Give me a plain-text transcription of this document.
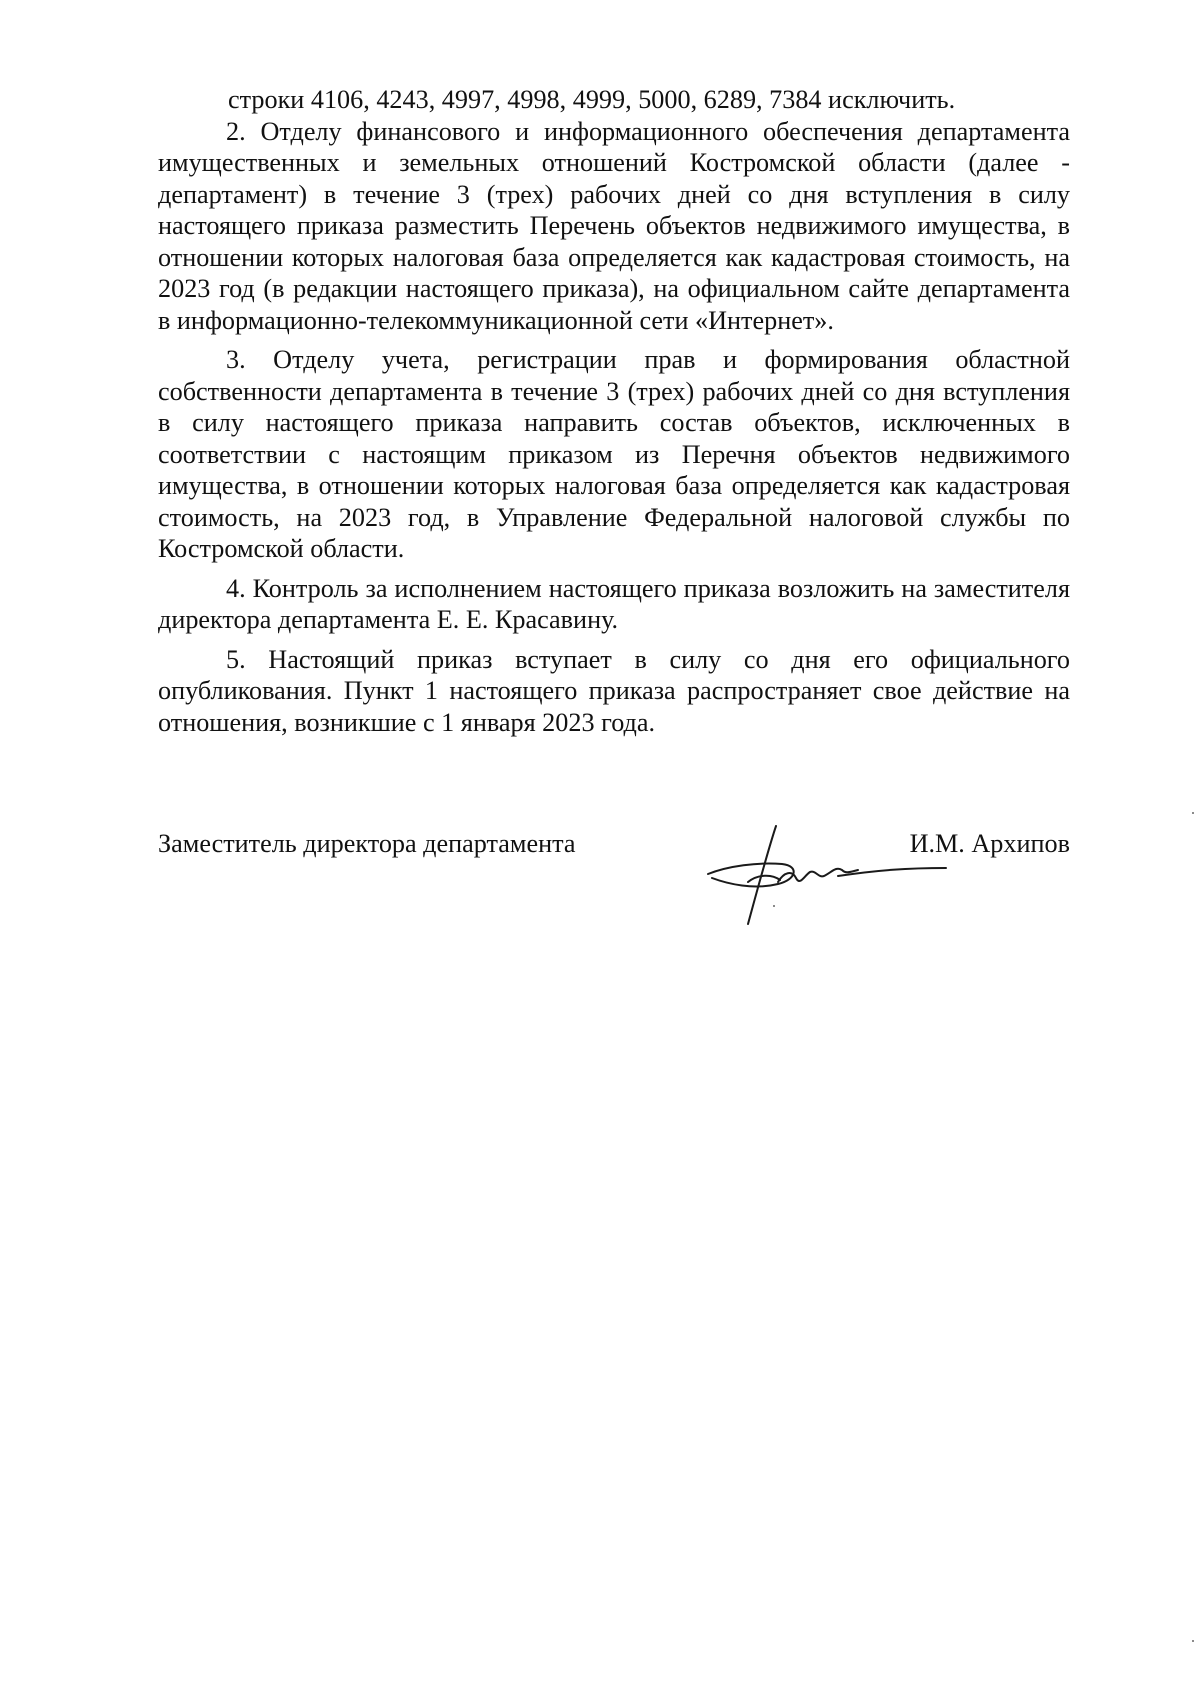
строки 4106, 4243, 4997, 4998, 4999, 5000, 6289, 7384 исключить.

2. Отделу финансового и информационного обеспечения департамента имущественных и земельных отношений Костромской области (далее - департамент) в течение 3 (трех) рабочих дней со дня вступления в силу настоящего приказа разместить Перечень объектов недвижимого имущества, в отношении которых налоговая база определяется как кадастровая стоимость, на 2023 год (в редакции настоящего приказа), на официальном сайте департамента в информационно-телекоммуникационной сети «Интернет».

3. Отделу учета, регистрации прав и формирования областной собственности департамента в течение 3 (трех) рабочих дней со дня вступления в силу настоящего приказа направить состав объектов, исключенных в соответствии с настоящим приказом из Перечня объектов недвижимого имущества, в отношении которых налоговая база определяется как кадастровая стоимость, на 2023 год, в Управление Федеральной налоговой службы по Костромской области.

4. Контроль за исполнением настоящего приказа возложить на заместителя директора департамента Е. Е. Красавину.

5. Настоящий приказ вступает в силу со дня его официального опубликования. Пункт 1 настоящего приказа распространяет свое действие на отношения, возникшие с 1 января 2023 года.

Заместитель директора департамента	И.М. Архипов
